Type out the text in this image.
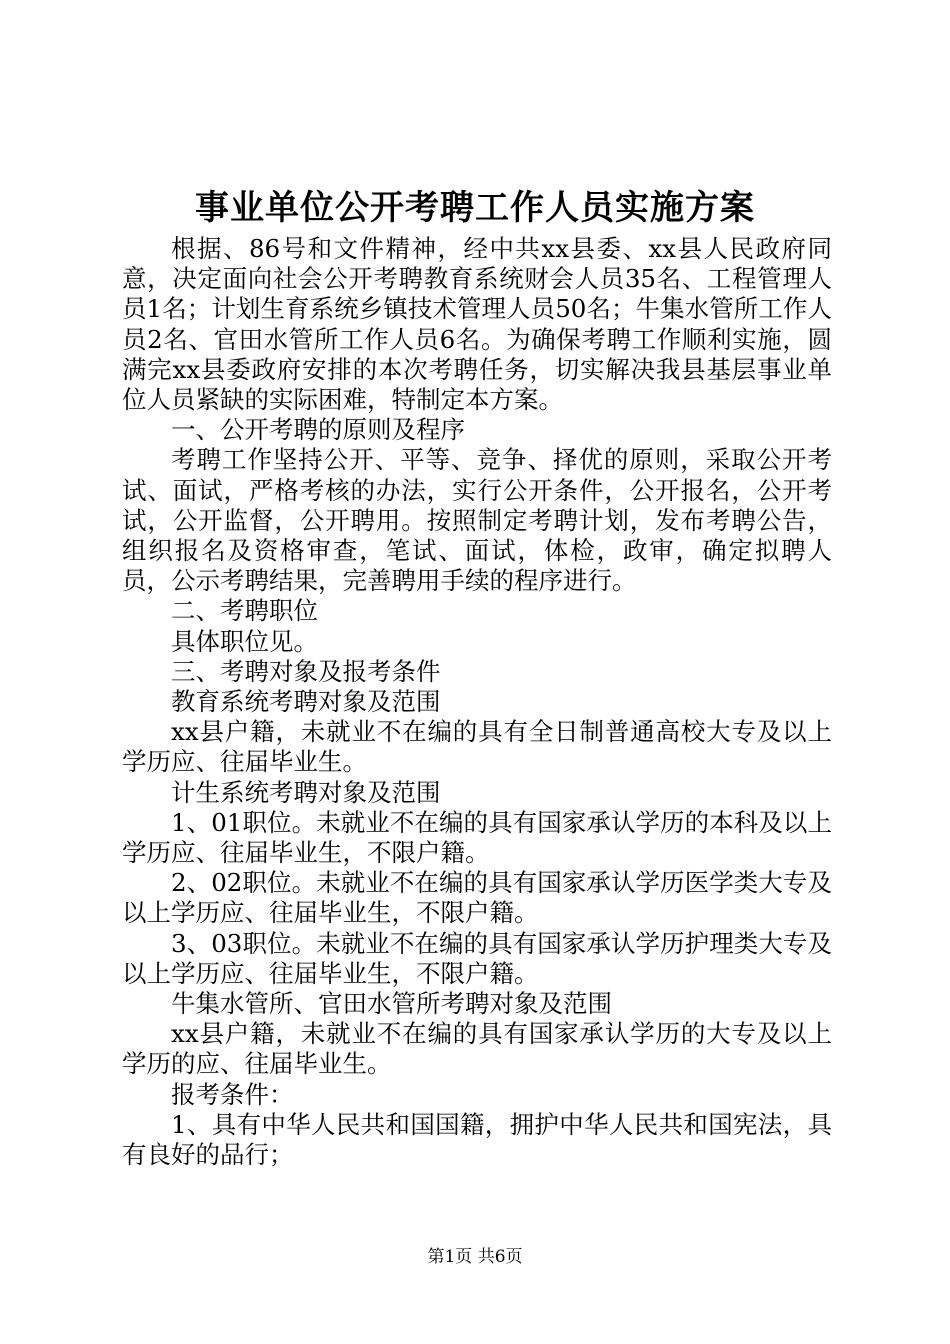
事业单位公开考聘工作人员实施方案

根据、86号和文件精神，经中共xx县委、xx县人民政府同意，决定面向社会公开考聘教育系统财会人员35名、工程管理人员1名；计划生育系统乡镇技术管理人员50名；牛集水管所工作人员2名、官田水管所工作人员6名。为确保考聘工作顺利实施，圆满完xx县委政府安排的本次考聘任务，切实解决我县基层事业单位人员紧缺的实际困难，特制定本方案。

一、公开考聘的原则及程序

考聘工作坚持公开、平等、竞争、择优的原则，采取公开考试、面试，严格考核的办法，实行公开条件，公开报名，公开考试，公开监督，公开聘用。按照制定考聘计划，发布考聘公告，组织报名及资格审查，笔试、面试，体检，政审，确定拟聘人员，公示考聘结果，完善聘用手续的程序进行。

二、考聘职位

具体职位见。

三、考聘对象及报考条件

教育系统考聘对象及范围

xx县户籍，未就业不在编的具有全日制普通高校大专及以上学历应、往届毕业生。

计生系统考聘对象及范围

1、01职位。未就业不在编的具有国家承认学历的本科及以上学历应、往届毕业生，不限户籍。

2、02职位。未就业不在编的具有国家承认学历医学类大专及以上学历应、往届毕业生，不限户籍。

3、03职位。未就业不在编的具有国家承认学历护理类大专及以上学历应、往届毕业生，不限户籍。

牛集水管所、官田水管所考聘对象及范围

xx县户籍，未就业不在编的具有国家承认学历的大专及以上学历的应、往届毕业生。

报考条件：

1、具有中华人民共和国国籍，拥护中华人民共和国宪法，具有良好的品行；

第1页 共6页
